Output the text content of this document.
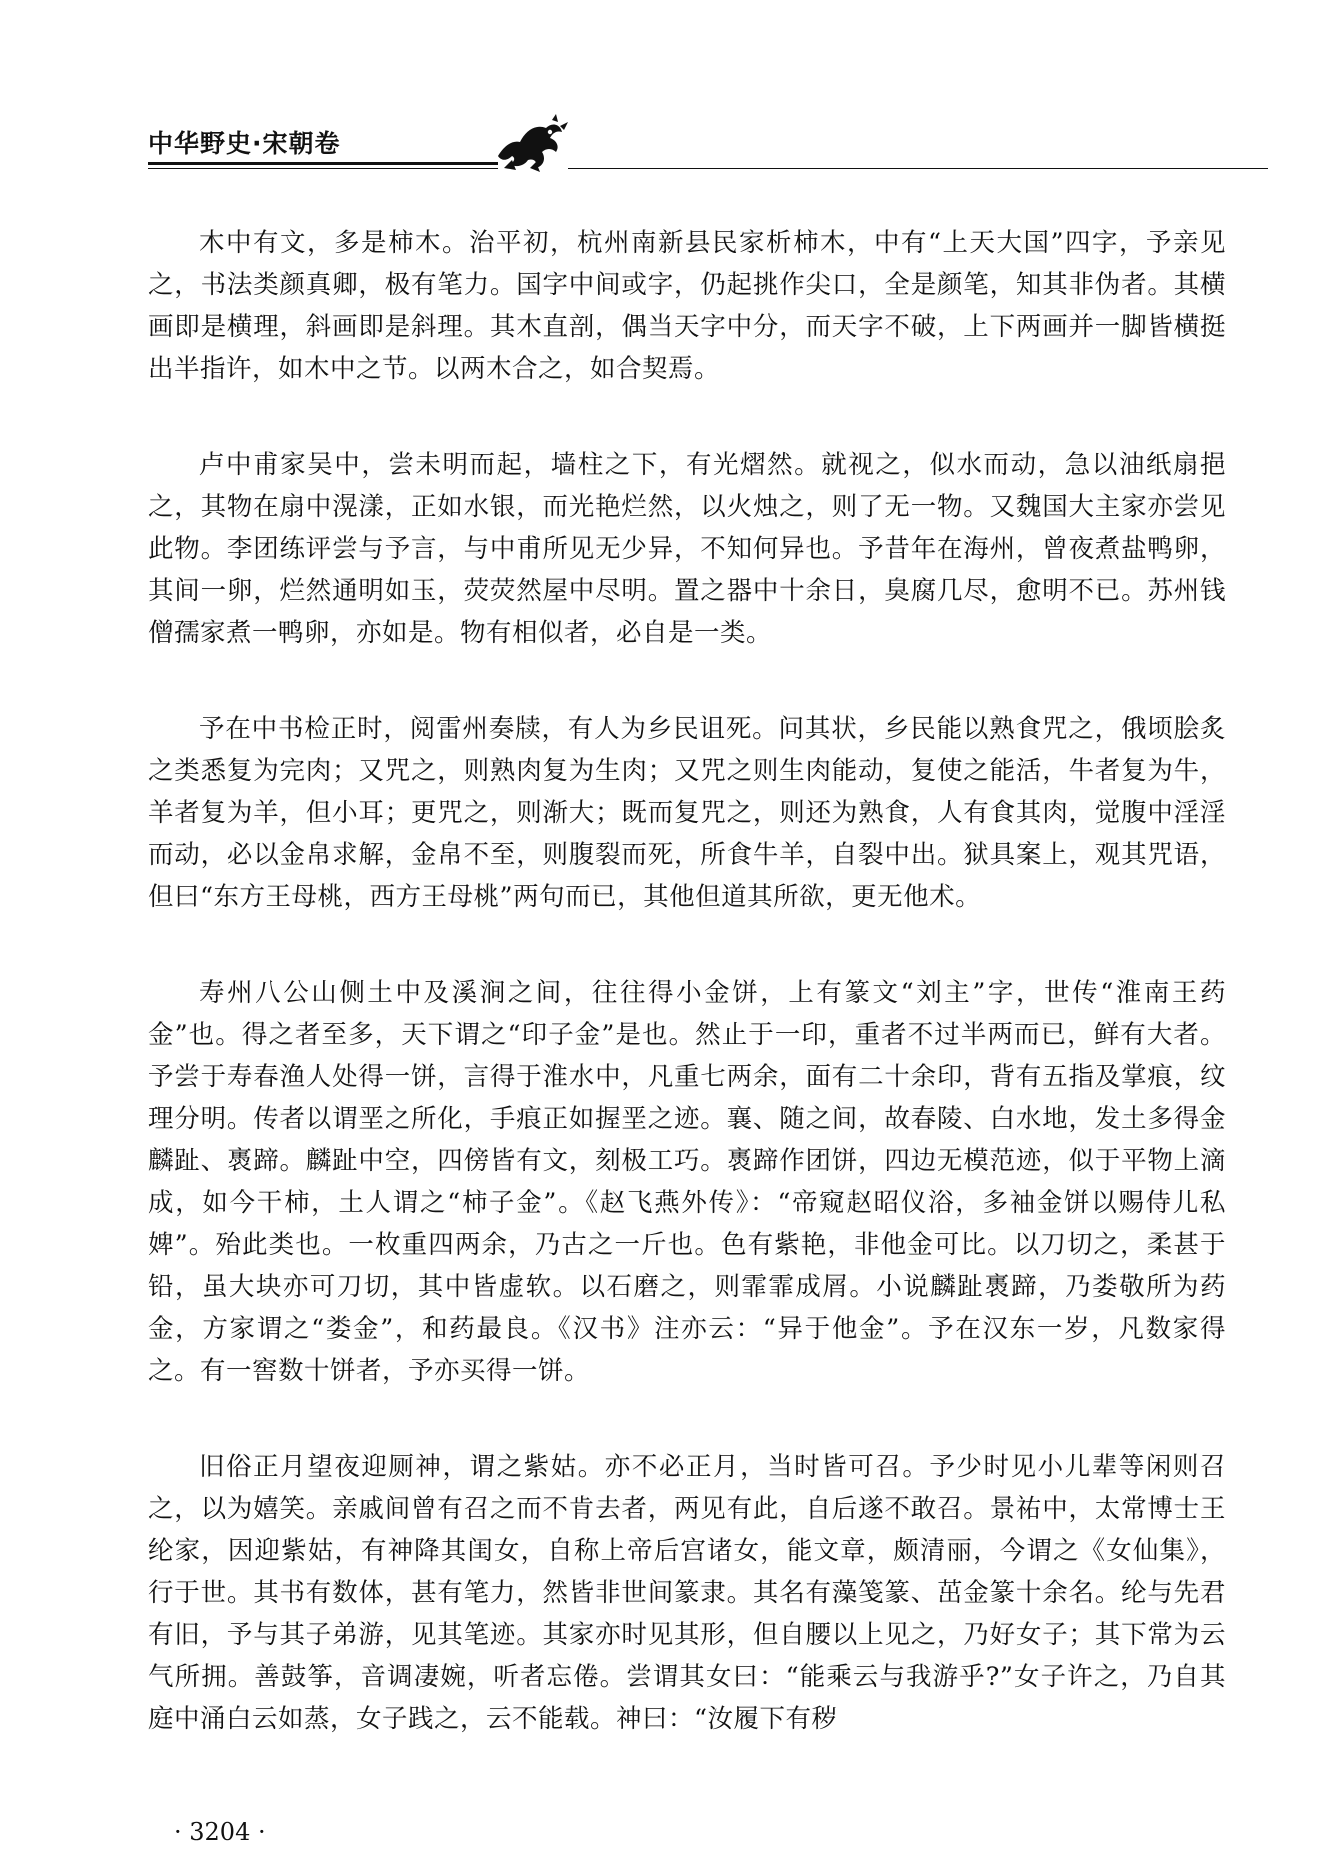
中华野史·宋朝卷

木中有文，多是柿木。治平初，杭州南新县民家析柿木，中有“上天大国”四字，予亲见之，书法类颜真卿，极有笔力。国字中间或字，仍起挑作尖口，全是颜笔，知其非伪者。其横画即是横理，斜画即是斜理。其木直剖，偶当天字中分，而天字不破，上下两画并一脚皆横挺出半指许，如木中之节。以两木合之，如合契焉。

卢中甫家吴中，尝未明而起，墙柱之下，有光熠然。就视之，似水而动，急以油纸扇挹之，其物在扇中滉漾，正如水银，而光艳烂然，以火烛之，则了无一物。又魏国大主家亦尝见此物。李团练评尝与予言，与中甫所见无少异，不知何异也。予昔年在海州，曾夜煮盐鸭卵，其间一卵，烂然通明如玉，荧荧然屋中尽明。置之器中十余日，臭腐几尽，愈明不已。苏州钱僧孺家煮一鸭卵，亦如是。物有相似者，必自是一类。

予在中书检正时，阅雷州奏牍，有人为乡民诅死。问其状，乡民能以熟食咒之，俄顷脍炙之类悉复为完肉；又咒之，则熟肉复为生肉；又咒之则生肉能动，复使之能活，牛者复为牛，羊者复为羊，但小耳；更咒之，则渐大；既而复咒之，则还为熟食，人有食其肉，觉腹中淫淫而动，必以金帛求解，金帛不至，则腹裂而死，所食牛羊，自裂中出。狱具案上，观其咒语，但曰“东方王母桃，西方王母桃”两句而已，其他但道其所欲，更无他术。

寿州八公山侧土中及溪涧之间，往往得小金饼，上有篆文“刘主”字，世传“淮南王药金”也。得之者至多，天下谓之“印子金”是也。然止于一印，重者不过半两而已，鲜有大者。予尝于寿春渔人处得一饼，言得于淮水中，凡重七两余，面有二十余印，背有五指及掌痕，纹理分明。传者以谓垩之所化，手痕正如握垩之迹。襄、随之间，故春陵、白水地，发土多得金麟趾、褭蹄。麟趾中空，四傍皆有文，刻极工巧。褭蹄作团饼，四边无模范迹，似于平物上滴成，如今干柿，土人谓之“柿子金”。《赵飞燕外传》：“帝窥赵昭仪浴，多袖金饼以赐侍儿私婢”。殆此类也。一枚重四两余，乃古之一斤也。色有紫艳，非他金可比。以刀切之，柔甚于铅，虽大块亦可刀切，其中皆虚软。以石磨之，则霏霏成屑。小说麟趾褭蹄，乃娄敬所为药金，方家谓之“娄金”，和药最良。《汉书》注亦云：“异于他金”。予在汉东一岁，凡数家得之。有一窖数十饼者，予亦买得一饼。

旧俗正月望夜迎厕神，谓之紫姑。亦不必正月，当时皆可召。予少时见小儿辈等闲则召之，以为嬉笑。亲戚间曾有召之而不肯去者，两见有此，自后遂不敢召。景祐中，太常博士王纶家，因迎紫姑，有神降其闺女，自称上帝后宫诸女，能文章，颇清丽，今谓之《女仙集》，行于世。其书有数体，甚有笔力，然皆非世间篆隶。其名有藻笺篆、茁金篆十余名。纶与先君有旧，予与其子弟游，见其笔迹。其家亦时见其形，但自腰以上见之，乃好女子；其下常为云气所拥。善鼓筝，音调凄婉，听者忘倦。尝谓其女曰：“能乘云与我游乎?”女子许之，乃自其庭中涌白云如蒸，女子践之，云不能载。神曰：“汝履下有秽

· 3204 ·
